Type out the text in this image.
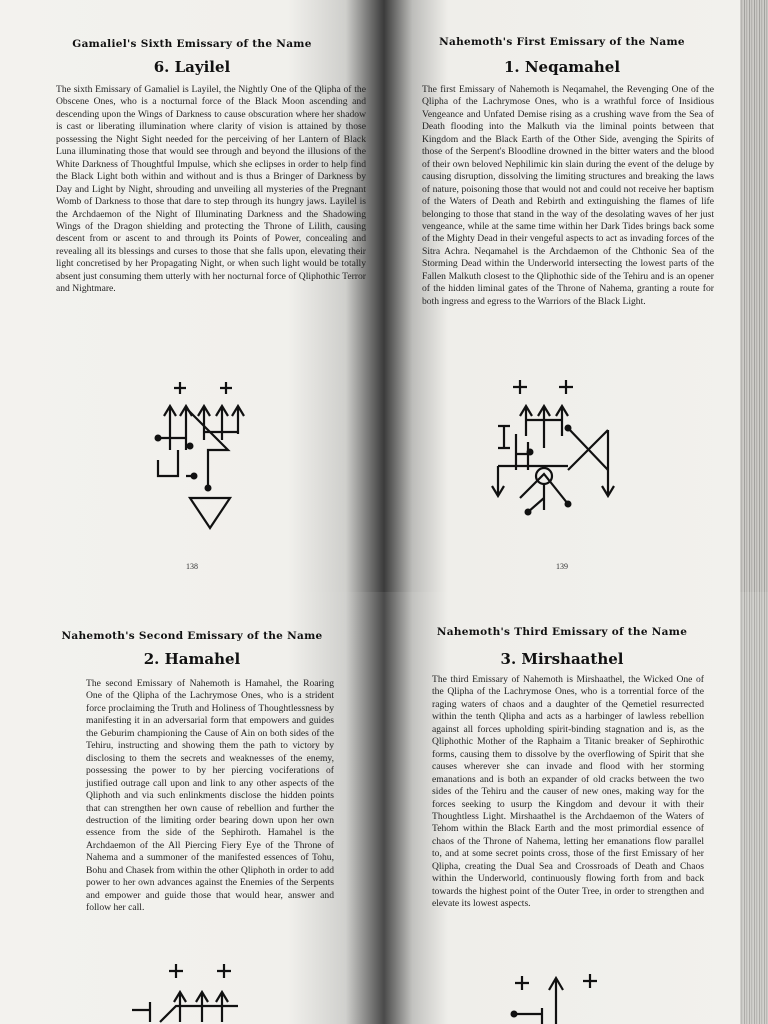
Gamaliel's Sixth Emissary of the Name
6. Layilel
The sixth Emissary of Gamaliel is Layilel, the Nightly One of the Qlipha of the Obscene Ones, who is a nocturnal force of the Black Moon ascending and descending upon the Wings of Darkness to cause obscuration where her shadow is cast or liberating illumination where clarity of vision is attained by those possessing the Night Sight needed for the perceiving of her Lantern of Black Luna illuminating those that would see through and beyond the illusions of the White Darkness of Thoughtful Impulse, which she eclipses in order to help find the Black Light both within and without and is thus a Bringer of Darkness by Day and Light by Night, shrouding and unveiling all mysteries of the Pregnant Womb of Darkness to those that dare to step through its hungry jaws. Layilel is the Archdaemon of the Night of Illuminating Darkness and the Shadowing Wings of the Dragon shielding and protecting the Throne of Lilith, causing descent from or ascent to and through its Points of Power, concealing and revealing all its blessings and curses to those that she falls upon, elevating their light concretised by her Propagating Night, or when such light would be totally absent just consuming them utterly with her nocturnal force of Qliphothic Terror and Nightmare.
138
Nahemoth's First Emissary of the Name
1. Neqamahel
The first Emissary of Nahemoth is Neqamahel, the Revenging One of the Qlipha of the Lachrymose Ones, who is a wrathful force of Insidious Vengeance and Unfated Demise rising as a crushing wave from the Sea of Death flooding into the Malkuth via the liminal points between that Kingdom and the Black Earth of the Other Side, avenging the Spirits of those of the Serpent's Bloodline drowned in the bitter waters and the blood of their own beloved Nephilimic kin slain during the event of the deluge by causing disruption, dissolving the limiting structures and breaking the laws of nature, poisoning those that would not and could not receive her baptism of the Waters of Death and Rebirth and extinguishing the flames of life belonging to those that stand in the way of the desolating waves of her just vengeance, while at the same time within her Dark Tides brings back some of the Mighty Dead in their vengeful aspects to act as invading forces of the Sitra Achra. Neqamahel is the Archdaemon of the Chthonic Sea of the Storming Dead within the Underworld intersecting the lowest parts of the Fallen Malkuth closest to the Qliphothic side of the Tehiru and is an opener of the hidden liminal gates of the Throne of Nahema, granting a route for both ingress and egress to the Warriors of the Black Light.
139
Nahemoth's Second Emissary of the Name
2. Hamahel
The second Emissary of Nahemoth is Hamahel, the Roaring One of the Qlipha of the Lachrymose Ones, who is a strident force proclaiming the Truth and Holiness of Thoughtlessness by manifesting it in an adversarial form that empowers and guides the Geburim championing the Cause of Ain on both sides of the Tehiru, instructing and showing them the path to victory by disclosing to them the secrets and weaknesses of the enemy, possessing the power to by her piercing vociferations of justified outrage call upon and link to any other aspects of the Qliphoth and via such enlinkments disclose the hidden points that can strengthen her own cause of rebellion and further the destruction of the limiting order bearing down upon her own essence from the side of the Sephiroth. Hamahel is the Archdaemon of the All Piercing Fiery Eye of the Throne of Nahema and a summoner of the manifested essences of Tohu, Bohu and Chasek from within the other Qliphoth in order to add power to her own advances against the Enemies of the Serpents and empower and guide those that would hear, answer and follow her call.
Nahemoth's Third Emissary of the Name
3. Mirshaathel
The third Emissary of Nahemoth is Mirshaathel, the Wicked One of the Qlipha of the Lachrymose Ones, who is a torrential force of the raging waters of chaos and a daughter of the Qemetiel resurrected within the tenth Qlipha and acts as a harbinger of lawless rebellion against all forces upholding spirit-binding stagnation and is, as the Qliphothic Mother of the Raphaim a Titanic breaker of Sephirothic forms, causing them to dissolve by the overflowing of Spirit that she causes wherever she can invade and flood with her storming emanations and is both an expander of old cracks between the two sides of the Tehiru and the causer of new ones, making way for the forces seeking to usurp the Kingdom and devour it with their Thoughtless Light. Mirshaathel is the Archdaemon of the Waters of Tehom within the Black Earth and the most primordial essence of chaos of the Throne of Nahema, letting her emanations flow parallel to, and at some secret points cross, those of the first Emissary of her Qlipha, creating the Dual Sea and Crossroads of Death and Chaos within the Underworld, continuously flowing forth from and back towards the highest point of the Outer Tree, in order to strengthen and elevate its lowest aspects.
